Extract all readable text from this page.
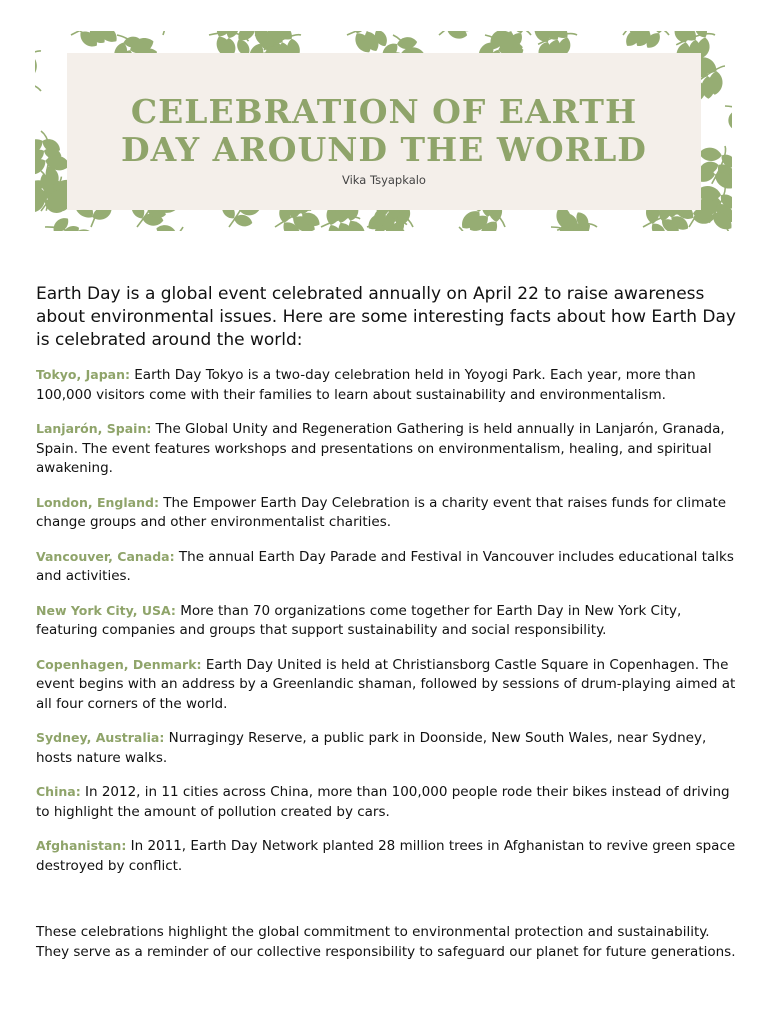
CELEBRATION OF EARTH
DAY AROUND THE WORLD
Vika Tsyapkalo
Earth Day is a global event celebrated annually on April 22 to raise awareness about environmental issues. Here are some interesting facts about how Earth Day is celebrated around the world:

Tokyo, Japan: Earth Day Tokyo is a two-day celebration held in Yoyogi Park. Each year, more than 100,000 visitors come with their families to learn about sustainability and environmentalism.

Lanjarón, Spain: The Global Unity and Regeneration Gathering is held annually in Lanjarón, Granada, Spain. The event features workshops and presentations on environmentalism, healing, and spiritual awakening.

London, England: The Empower Earth Day Celebration is a charity event that raises funds for climate change groups and other environmentalist charities.

Vancouver, Canada: The annual Earth Day Parade and Festival in Vancouver includes educational talks and activities.

New York City, USA: More than 70 organizations come together for Earth Day in New York City, featuring companies and groups that support sustainability and social responsibility.

Copenhagen, Denmark: Earth Day United is held at Christiansborg Castle Square in Copenhagen. The event begins with an address by a Greenlandic shaman, followed by sessions of drum-playing aimed at all four corners of the world.

Sydney, Australia: Nurragingy Reserve, a public park in Doonside, New South Wales, near Sydney, hosts nature walks.

China: In 2012, in 11 cities across China, more than 100,000 people rode their bikes instead of driving to highlight the amount of pollution created by cars.

Afghanistan: In 2011, Earth Day Network planted 28 million trees in Afghanistan to revive green space destroyed by conflict.

These celebrations highlight the global commitment to environmental protection and sustainability. They serve as a reminder of our collective responsibility to safeguard our planet for future generations.
